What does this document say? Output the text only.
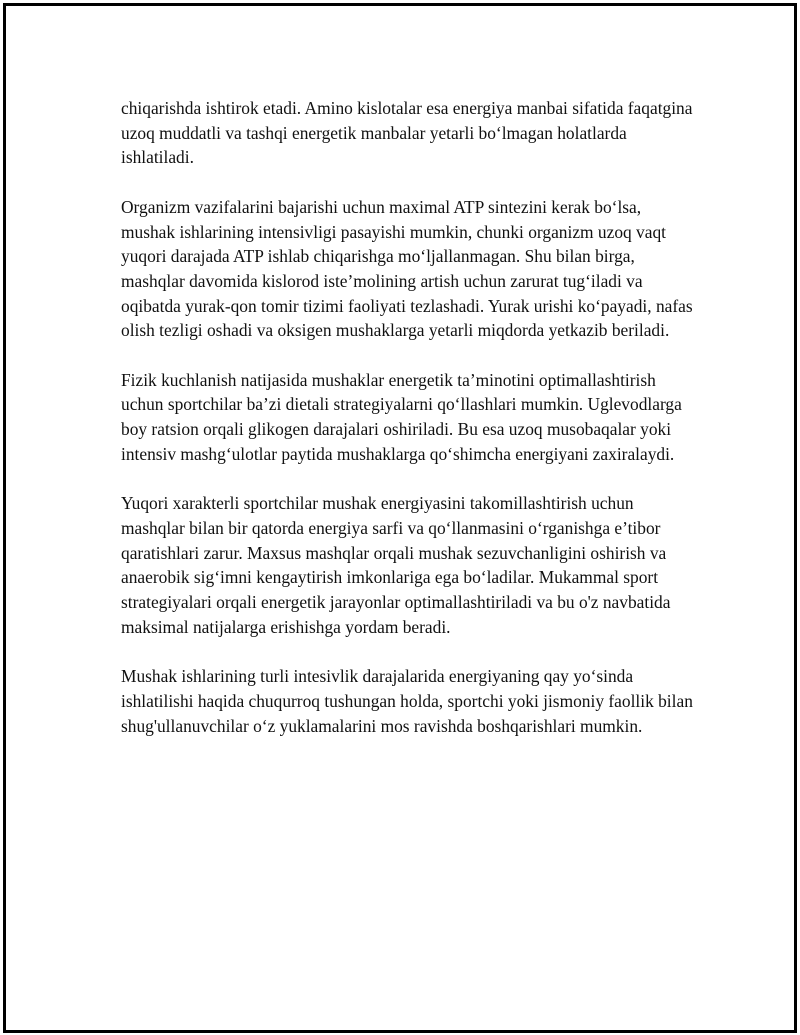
chiqarishda ishtirok etadi. Amino kislotalar esa energiya manbai sifatida faqatgina uzoq muddatli va tashqi energetik manbalar yetarli bo‘lmagan holatlarda ishlatiladi.

Organizm vazifalarini bajarishi uchun maximal ATP sintezini kerak bo‘lsa, mushak ishlarining intensivligi pasayishi mumkin, chunki organizm uzoq vaqt yuqori darajada ATP ishlab chiqarishga mo‘ljallanmagan. Shu bilan birga, mashqlar davomida kislorod iste’molining artish uchun zarurat tug‘iladi va oqibatda yurak-qon tomir tizimi faoliyati tezlashadi. Yurak urishi ko‘payadi, nafas olish tezligi oshadi va oksigen mushaklarga yetarli miqdorda yetkazib beriladi.

Fizik kuchlanish natijasida mushaklar energetik ta’minotini optimallashtirish uchun sportchilar ba’zi dietali strategiyalarni qo‘llashlari mumkin. Uglevodlarga boy ratsion orqali glikogen darajalari oshiriladi. Bu esa uzoq musobaqalar yoki intensiv mashg‘ulotlar paytida mushaklarga qo‘shimcha energiyani zaxiralaydi.

Yuqori xarakterli sportchilar mushak energiyasini takomillashtirish uchun mashqlar bilan bir qatorda energiya sarfi va qo‘llanmasini o‘rganishga e’tibor qaratishlari zarur. Maxsus mashqlar orqali mushak sezuvchanligini oshirish va anaerobik sig‘imni kengaytirish imkonlariga ega bo‘ladilar. Mukammal sport strategiyalari orqali energetik jarayonlar optimallashtiriladi va bu o'z navbatida maksimal natijalarga erishishga yordam beradi.

Mushak ishlarining turli intesivlik darajalarida energiyaning qay yo‘sinda ishlatilishi haqida chuqurroq tushungan holda, sportchi yoki jismoniy faollik bilan shug'ullanuvchilar o‘z yuklamalarini mos ravishda boshqarishlari mumkin.
